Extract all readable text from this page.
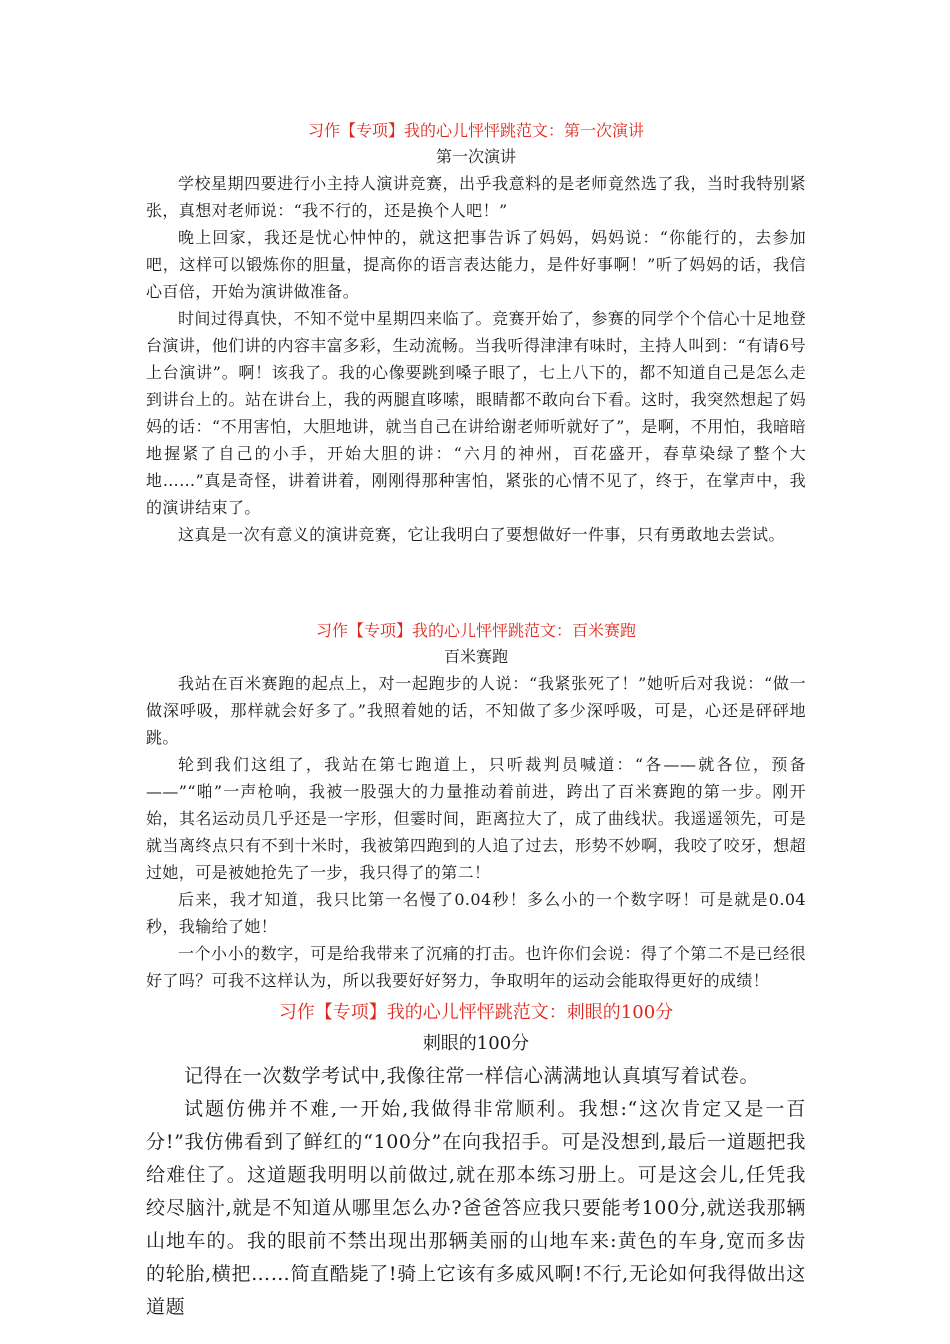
习作【专项】我的心儿怦怦跳范文：第一次演讲
第一次演讲

学校星期四要进行小主持人演讲竞赛，出乎我意料的是老师竟然选了我，当时我特别紧张，真想对老师说：“我不行的，还是换个人吧！”

晚上回家，我还是忧心忡忡的，就这把事告诉了妈妈，妈妈说：“你能行的，去参加吧，这样可以锻炼你的胆量，提高你的语言表达能力，是件好事啊！”听了妈妈的话，我信心百倍，开始为演讲做准备。

时间过得真快，不知不觉中星期四来临了。竞赛开始了，参赛的同学个个信心十足地登台演讲，他们讲的内容丰富多彩，生动流畅。当我听得津津有味时，主持人叫到：“有请6号上台演讲”。啊！该我了。我的心像要跳到嗓子眼了，七上八下的，都不知道自己是怎么走到讲台上的。站在讲台上，我的两腿直哆嗦，眼睛都不敢向台下看。这时，我突然想起了妈妈的话：“不用害怕，大胆地讲，就当自己在讲给谢老师听就好了”，是啊，不用怕，我暗暗地握紧了自己的小手，开始大胆的讲：“六月的神州，百花盛开，春草染绿了整个大地……”真是奇怪，讲着讲着，刚刚得那种害怕，紧张的心情不见了，终于，在掌声中，我的演讲结束了。

这真是一次有意义的演讲竞赛，它让我明白了要想做好一件事，只有勇敢地去尝试。

习作【专项】我的心儿怦怦跳范文：百米赛跑
百米赛跑

我站在百米赛跑的起点上，对一起跑步的人说：“我紧张死了！”她听后对我说：“做一做深呼吸，那样就会好多了。”我照着她的话，不知做了多少深呼吸，可是，心还是砰砰地跳。

轮到我们这组了，我站在第七跑道上，只听裁判员喊道：“各——就各位，预备——”“啪”一声枪响，我被一股强大的力量推动着前进，跨出了百米赛跑的第一步。刚开始，其名运动员几乎还是一字形，但霎时间，距离拉大了，成了曲线状。我遥遥领先，可是就当离终点只有不到十米时，我被第四跑到的人追了过去，形势不妙啊，我咬了咬牙，想超过她，可是被她抢先了一步，我只得了的第二！

后来，我才知道，我只比第一名慢了0.04秒！多么小的一个数字呀！可是就是0.04秒，我输给了她！

一个小小的数字，可是给我带来了沉痛的打击。也许你们会说：得了个第二不是已经很好了吗？可我不这样认为，所以我要好好努力，争取明年的运动会能取得更好的成绩！

习作【专项】我的心儿怦怦跳范文：刺眼的100分
刺眼的100分

记得在一次数学考试中,我像往常一样信心满满地认真填写着试卷。

试题仿佛并不难,一开始,我做得非常顺利。我想:“这次肯定又是一百分!”我仿佛看到了鲜红的“100分”在向我招手。可是没想到,最后一道题把我给难住了。这道题我明明以前做过,就在那本练习册上。可是这会儿,任凭我绞尽脑汁,就是不知道从哪里怎么办?爸爸答应我只要能考100分,就送我那辆山地车的。我的眼前不禁出现出那辆美丽的山地车来:黄色的车身,宽而多齿的轮胎,横把……简直酷毙了!骑上它该有多威风啊!不行,无论如何我得做出这道题
